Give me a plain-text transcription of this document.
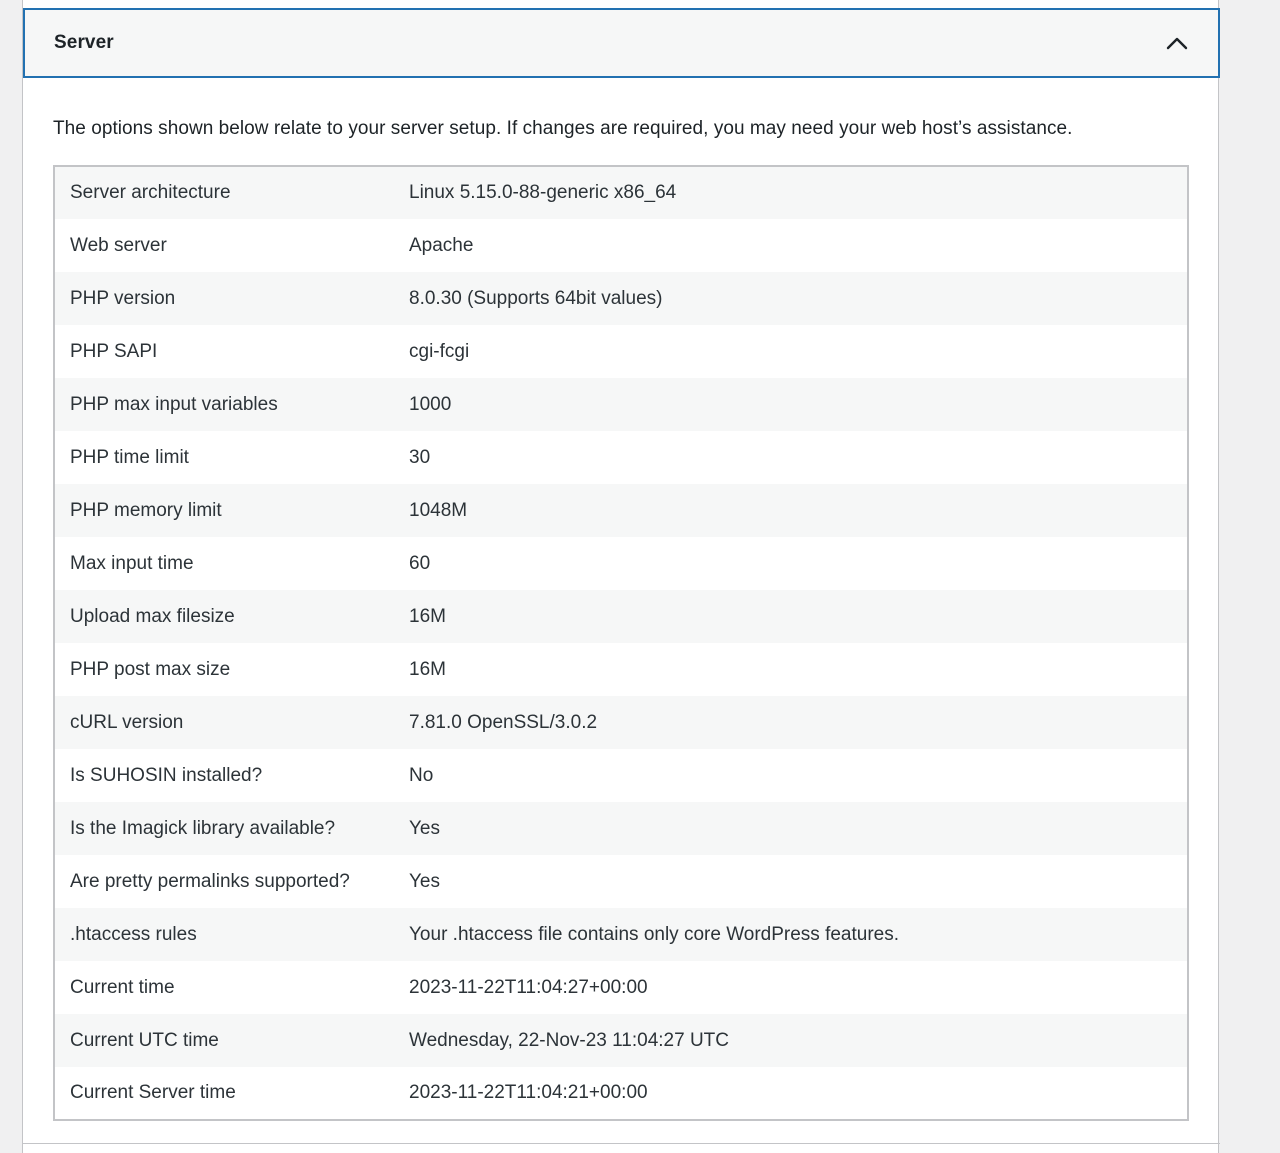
Server

The options shown below relate to your server setup. If changes are required, you may need your web host’s assistance.

Server architecture	Linux 5.15.0-88-generic x86_64
Web server	Apache
PHP version	8.0.30 (Supports 64bit values)
PHP SAPI	cgi-fcgi
PHP max input variables	1000
PHP time limit	30
PHP memory limit	1048M
Max input time	60
Upload max filesize	16M
PHP post max size	16M
cURL version	7.81.0 OpenSSL/3.0.2
Is SUHOSIN installed?	No
Is the Imagick library available?	Yes
Are pretty permalinks supported?	Yes
.htaccess rules	Your .htaccess file contains only core WordPress features.
Current time	2023-11-22T11:04:27+00:00
Current UTC time	Wednesday, 22-Nov-23 11:04:27 UTC
Current Server time	2023-11-22T11:04:21+00:00
